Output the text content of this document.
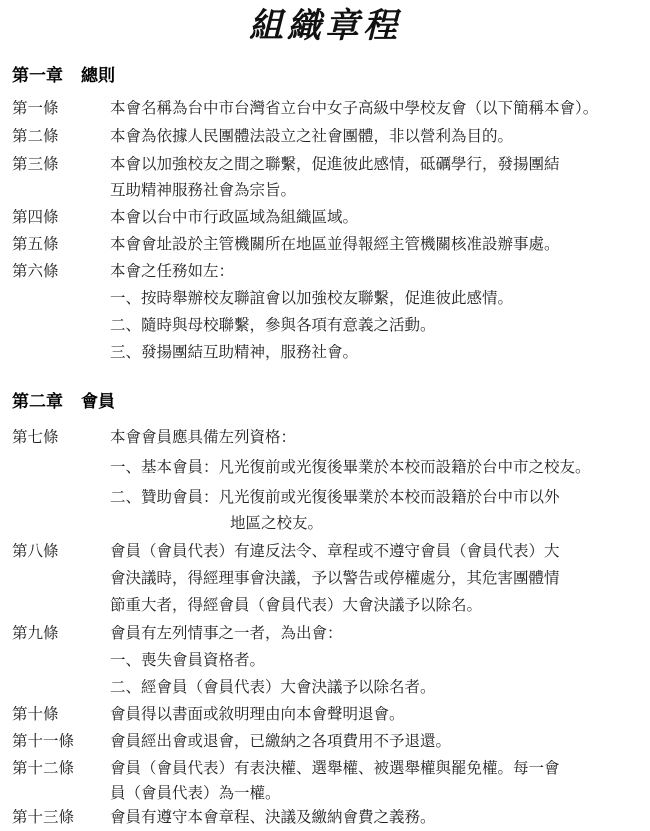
組織章程
第一章 總則
第一條	本會名稱為台中市台灣省立台中女子高級中學校友會（以下簡稱本會）。
第二條	本會為依據人民團體法設立之社會團體，非以營利為目的。
第三條	本會以加強校友之間之聯繫，促進彼此感情，砥礪學行，發揚團結
互助精神服務社會為宗旨。
第四條	本會以台中市行政區域為組織區域。
第五條	本會會址設於主管機關所在地區並得報經主管機關核准設辦事處。
第六條	本會之任務如左：
一、按時舉辦校友聯誼會以加強校友聯繫，促進彼此感情。
二、隨時與母校聯繫，參與各項有意義之活動。
三、發揚團結互助精神，服務社會。
第二章 會員
第七條	本會會員應具備左列資格：
一、基本會員：凡光復前或光復後畢業於本校而設籍於台中市之校友。
二、贊助會員：凡光復前或光復後畢業於本校而設籍於台中市以外
地區之校友。
第八條	會員（會員代表）有違反法令、章程或不遵守會員（會員代表）大
會決議時，得經理事會決議，予以警告或停權處分，其危害團體情
節重大者，得經會員（會員代表）大會決議予以除名。
第九條	會員有左列情事之一者，為出會：
一、喪失會員資格者。
二、經會員（會員代表）大會決議予以除名者。
第十條	會員得以書面或敘明理由向本會聲明退會。
第十一條 會員經出會或退會，已繳納之各項費用不予退還。
第十二條 會員（會員代表）有表決權、選舉權、被選舉權與罷免權。每一會
員（會員代表）為一權。
第十三條 會員有遵守本會章程、決議及繳納會費之義務。
